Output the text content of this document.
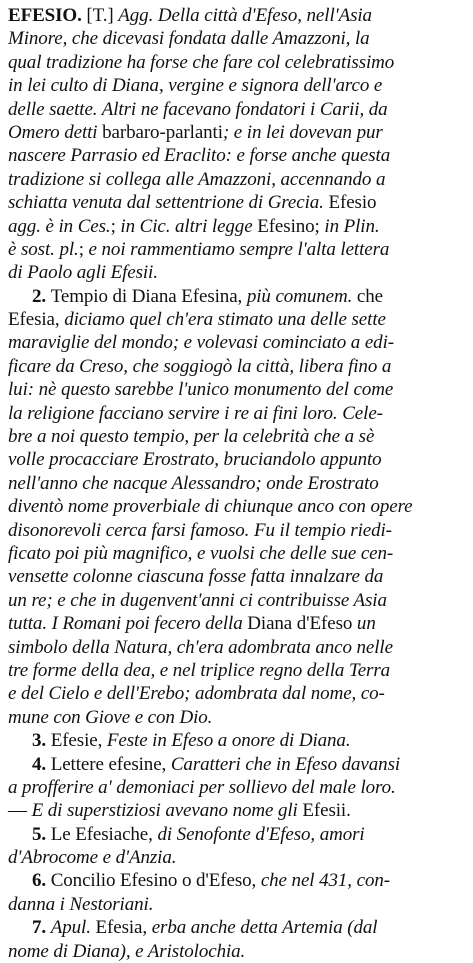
EFESIO. [T.] Agg. Della città d'Efeso, nell'Asia
Minore, che dicevasi fondata dalle Amazzoni, la
qual tradizione ha forse che fare col celebratissimo
in lei culto di Diana, vergine e signora dell'arco e
delle saette. Altri ne facevano fondatori i Carii, da
Omero detti barbaro-parlanti; e in lei dovevan pur
nascere Parrasio ed Eraclito: e forse anche questa
tradizione si collega alle Amazzoni, accennando a
schiatta venuta dal settentrione di Grecia. Efesio
agg. è in Ces.; in Cic. altri legge Efesino; in Plin.
è sost. pl.; e noi rammentiamo sempre l'alta lettera
di Paolo agli Efesii.
2. Tempio di Diana Efesina, più comunem. che
Efesia, diciamo quel ch'era stimato una delle sette
maraviglie del mondo; e volevasi cominciato a edi-
ficare da Creso, che soggiogò la città, libera fino a
lui: nè questo sarebbe l'unico monumento del come
la religione facciano servire i re ai fini loro. Cele-
bre a noi questo tempio, per la celebrità che a sè
volle procacciare Erostrato, bruciandolo appunto
nell'anno che nacque Alessandro; onde Erostrato
diventò nome proverbiale di chiunque anco con opere
disonorevoli cerca farsi famoso. Fu il tempio riedi-
ficato poi più magnifico, e vuolsi che delle sue cen-
vensette colonne ciascuna fosse fatta innalzare da
un re; e che in dugenvent'anni ci contribuisse Asia
tutta. I Romani poi fecero della Diana d'Efeso un
simbolo della Natura, ch'era adombrata anco nelle
tre forme della dea, e nel triplice regno della Terra
e del Cielo e dell'Erebo; adombrata dal nome, co-
mune con Giove e con Dio.
3. Efesie, Feste in Efeso a onore di Diana.
4. Lettere efesine, Caratteri che in Efeso davansi
a profferire a' demoniaci per sollievo del male loro.
— E di superstiziosi avevano nome gli Efesii.
5. Le Efesiache, di Senofonte d'Efeso, amori
d'Abrocome e d'Anzia.
6. Concilio Efesino o d'Efeso, che nel 431, con-
danna i Nestoriani.
7. Apul. Efesia, erba anche detta Artemia (dal
nome di Diana), e Aristolochia.
